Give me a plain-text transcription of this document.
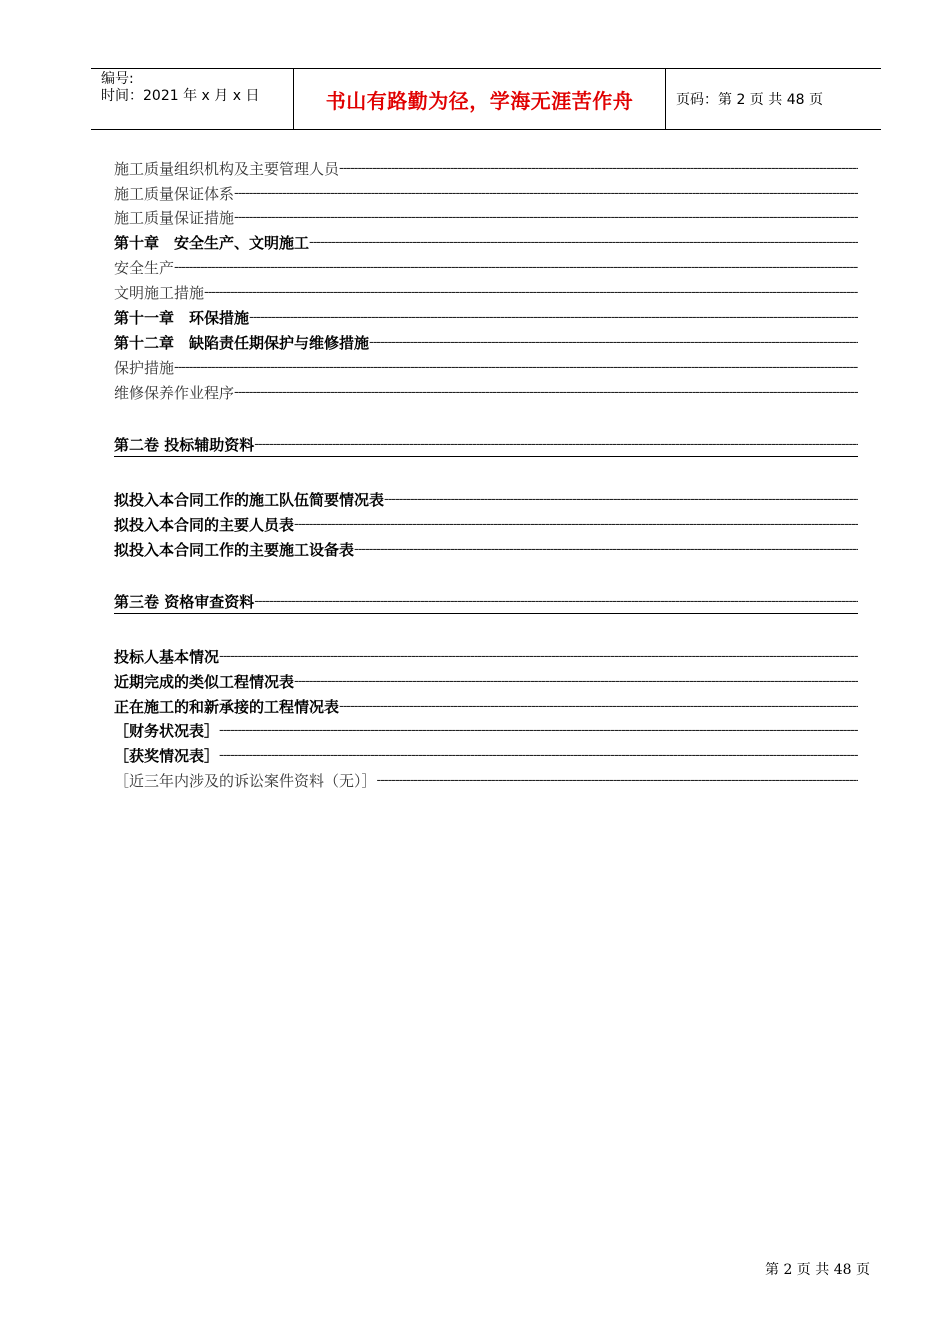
编号:
时间：2021 年 x 月 x 日	书山有路勤为径，学海无涯苦作舟	页码：第 2 页 共 48 页
施工质量组织机构及主要管理人员
-----
施工质量保证体系
-----
施工质量保证措施
-----
第十章　安全生产、文明施工
-----
安全生产
-----
文明施工措施
-----
第十一章　环保措施
-----
第十二章　缺陷责任期保护与维修措施
-----
保护措施
-----
维修保养作业程序
-----
第二卷 投标辅助资料
-----
拟投入本合同工作的施工队伍简要情况表
-----
拟投入本合同的主要人员表
-----
拟投入本合同工作的主要施工设备表
-----
第三卷 资格审查资料
-----
投标人基本情况
-----
近期完成的类似工程情况表
-----
正在施工的和新承接的工程情况表
-----
［财务状况表］
-----
［获奖情况表］
-----
［近三年内涉及的诉讼案件资料（无）］
-----
第 2 页 共 48 页
